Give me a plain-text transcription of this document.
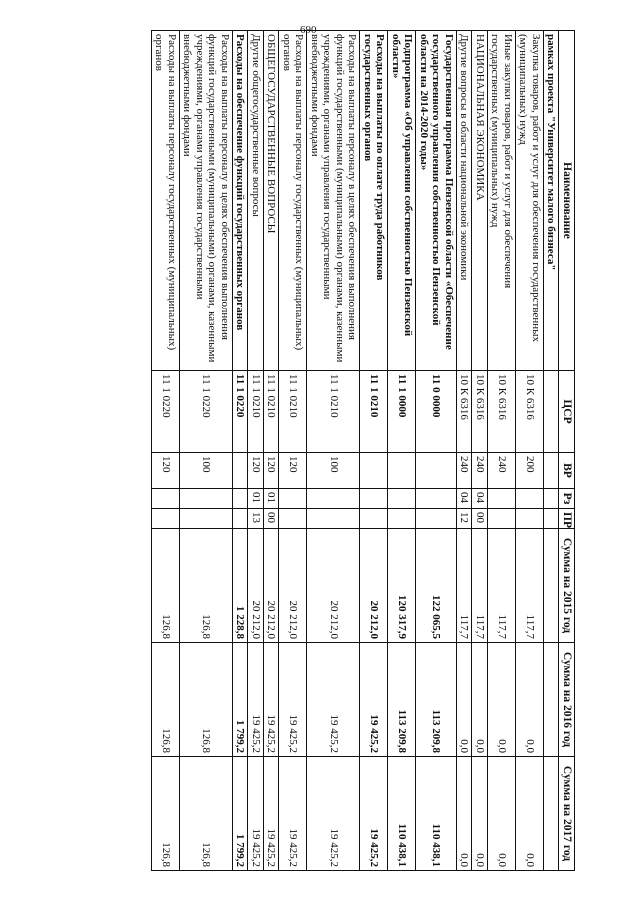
690
Наименование	ЦСР	ВР	Рз	ПР	Сумма на 2015 год	Сумма на 2016 год	Сумма на 2017 год
рамках проекта "Университет малого бизнеса"							
Закупка товаров, работ и услуг для обеспечения государственных (муниципальных) нужд	10 К 6316	200			117,7	0,0	0,0
Иные закупки товаров, работ и услуг для обеспечения государственных (муниципальных) нужд	10 К 6316	240			117,7	0,0	0,0
НАЦИОНАЛЬНАЯ ЭКОНОМИКА	10 К 6316	240	04	00	117,7	0,0	0,0
Другие вопросы в области национальной экономики	10 К 6316	240	04	12	117,7	0,0	0,0
Государственная программа Пензенской области «Обеспечение государственного управления собственностью Пензенской области на 2014-2020 годы»	11 0 0000				122 065,5	113 209,8	110 438,1
Подпрограмма «Об управлении собственностью Пензенской области»	11 1 0000				120 317,9	113 209,8	110 438,1
Расходы на выплаты по оплате труда работников государственных органов	11 1 0210				20 212,0	19 425,2	19 425,2
Расходы на выплаты персоналу в целях обеспечения выполнения функций государственными (муниципальными) органами, казенными учреждениями, органами управления государственными внебюджетными фондами	11 1 0210	100			20 212,0	19 425,2	19 425,2
Расходы на выплаты персоналу государственных (муниципальных) органов	11 1 0210	120			20 212,0	19 425,2	19 425,2
ОБЩЕГОСУДАРСТВЕННЫЕ ВОПРОСЫ	11 1 0210	120	01	00	20 212,0	19 425,2	19 425,2
Другие общегосударственные вопросы	11 1 0210	120	01	13	20 212,0	19 425,2	19 425,2
Расходы на обеспечение функций государственных органов	11 1 0220				1 228,8	1 799,2	1 799,2
Расходы на выплаты персоналу в целях обеспечения выполнения функций государственными (муниципальными) органами, казенными учреждениями, органами управления государственными внебюджетными фондами	11 1 0220	100			126,8	126,8	126,8
Расходы на выплаты персоналу государственных (муниципальных) органов	11 1 0220	120			126,8	126,8	126,8
